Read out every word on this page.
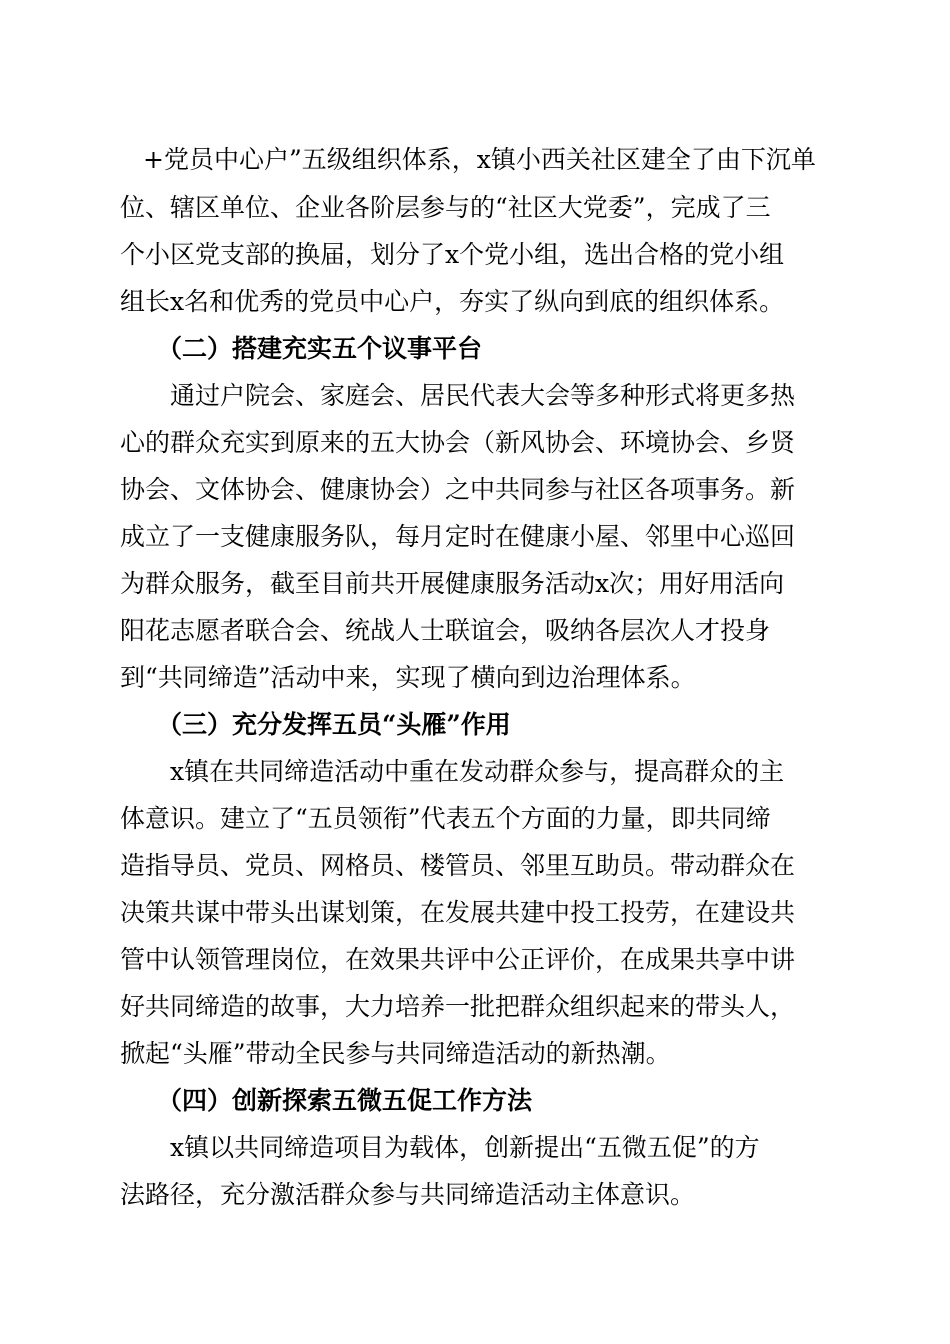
+党员中心户”五级组织体系，x镇小西关社区建全了由下沉单
位、辖区单位、企业各阶层参与的“社区大党委”，完成了三
个小区党支部的换届，划分了x个党小组，选出合格的党小组
组长x名和优秀的党员中心户，夯实了纵向到底的组织体系。
（二）搭建充实五个议事平台
通过户院会、家庭会、居民代表大会等多种形式将更多热
心的群众充实到原来的五大协会（新风协会、环境协会、乡贤
协会、文体协会、健康协会）之中共同参与社区各项事务。新
成立了一支健康服务队，每月定时在健康小屋、邻里中心巡回
为群众服务，截至目前共开展健康服务活动x次；用好用活向
阳花志愿者联合会、统战人士联谊会，吸纳各层次人才投身
到“共同缔造”活动中来，实现了横向到边治理体系。
（三）充分发挥五员“头雁”作用
x镇在共同缔造活动中重在发动群众参与，提高群众的主
体意识。建立了“五员领衔”代表五个方面的力量，即共同缔
造指导员、党员、网格员、楼管员、邻里互助员。带动群众在
决策共谋中带头出谋划策，在发展共建中投工投劳，在建设共
管中认领管理岗位，在效果共评中公正评价，在成果共享中讲
好共同缔造的故事，大力培养一批把群众组织起来的带头人，
掀起“头雁”带动全民参与共同缔造活动的新热潮。
（四）创新探索五微五促工作方法
x镇以共同缔造项目为载体，创新提出“五微五促”的方
法路径，充分激活群众参与共同缔造活动主体意识。
